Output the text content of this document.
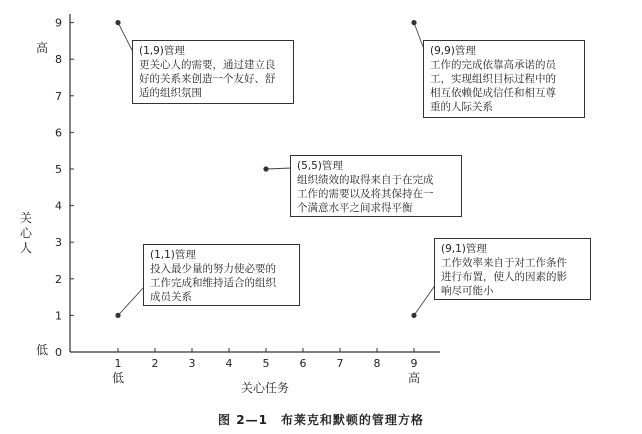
0
1
2
3
4
5
6
7
8
9
1	2	3	4	5	6	7	8	9
关心任务
低	高
低
高
关
心
人
(1,9)管理
更关心人的需要，通过建立良
好的关系来创造一个友好、舒
适的组织氛围
(9,9)管理
工作的完成依靠高承诺的员
工，实现组织目标过程中的
相互依赖促成信任和相互尊
重的人际关系
(5,5)管理
组织绩效的取得来自于在完成
工作的需要以及将其保持在一
个满意水平之间求得平衡
(1,1)管理
投入最少量的努力使必要的
工作完成和维持适合的组织
成员关系
(9,1)管理
工作效率来自于对工作条件
进行布置，使人的因素的影
响尽可能小
图 2—1　布莱克和默顿的管理方格
